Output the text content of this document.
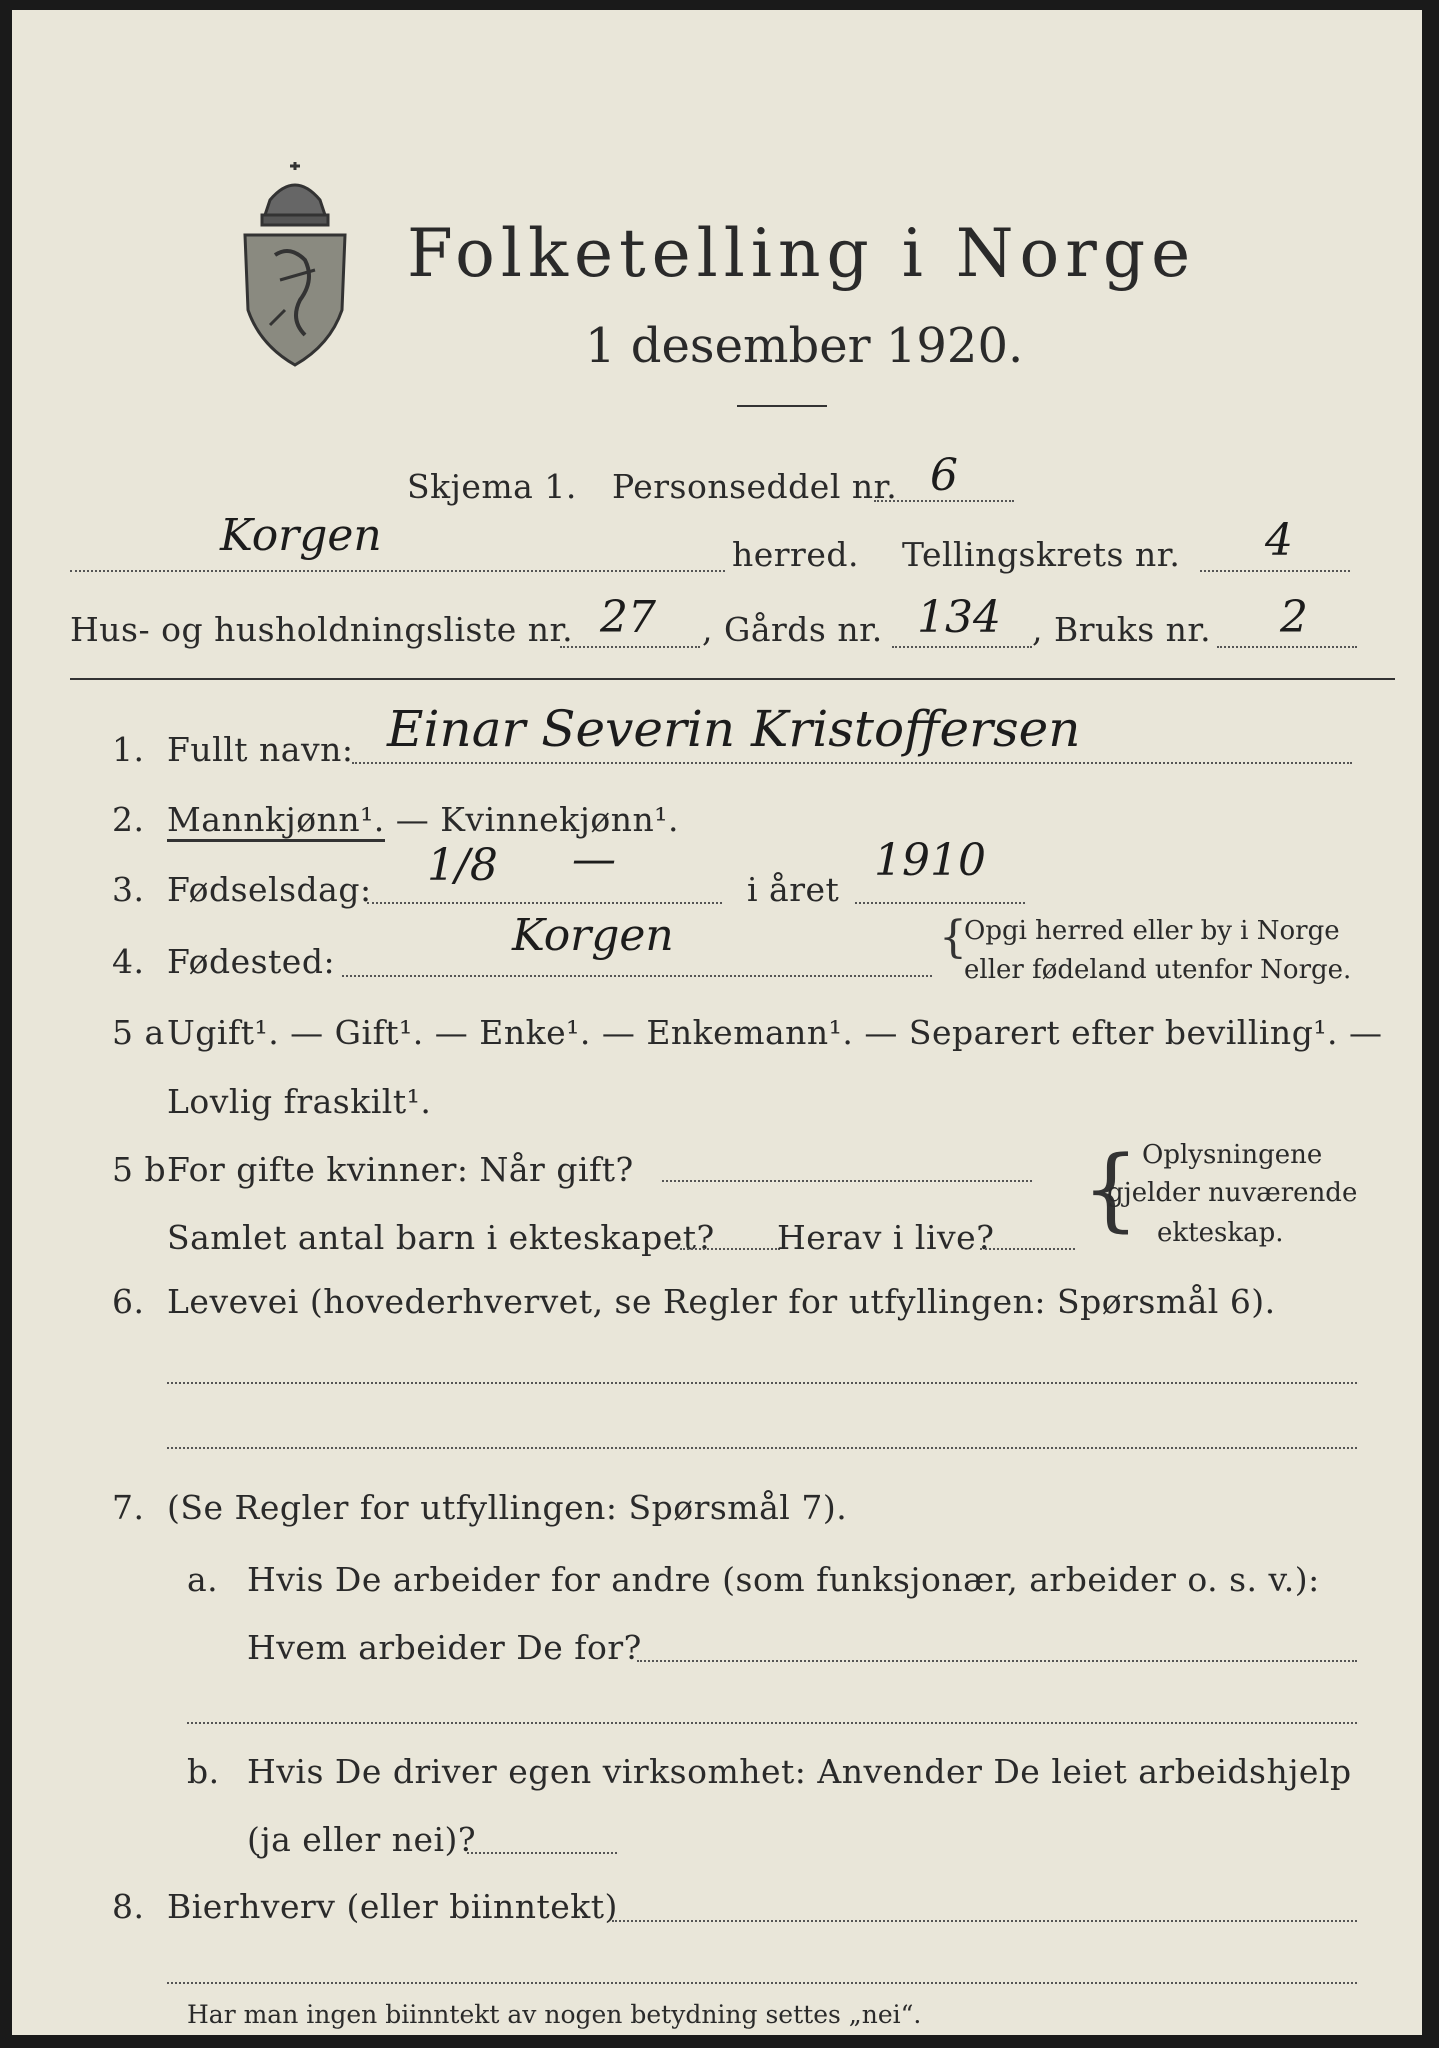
Folketelling i Norge
1 desember 1920.
Skjema 1. Personseddel nr. 6
Korgen	herred. Tellingskrets nr. 4
Hus- og husholdningsliste nr. 27 , Gårds nr. 134 , Bruks nr. 2
1. Fullt navn: Einar Severin Kristoffersen
2. Mannkjønn¹. — Kvinnekjønn¹.
3. Fødselsdag: 1/8 —
i året
1910
4. Fødested:
Korgen	{
Opgi herred eller by i Norge
eller fødeland utenfor Norge.
5 a Ugift¹. — Gift¹. — Enke¹. — Enkemann¹. — Separert efter bevilling¹. —
Lovlig fraskilt¹.
5 b For gifte kvinner: Når gift?
Samlet antal barn i ekteskapet? Herav i live? { Oplysningene
gjelder nuværende
ekteskap.
6. Levevei (hovederhvervet, se Regler for utfyllingen: Spørsmål 6).
7. (Se Regler for utfyllingen: Spørsmål 7).
a. Hvis De arbeider for andre (som funksjonær, arbeider o. s. v.):
Hvem arbeider De for?
b. Hvis De driver egen virksomhet: Anvender De leiet arbeidshjelp
(ja eller nei)?
8. Bierhverv (eller biinntekt)
Har man ingen biinntekt av nogen betydning settes „nei“.
